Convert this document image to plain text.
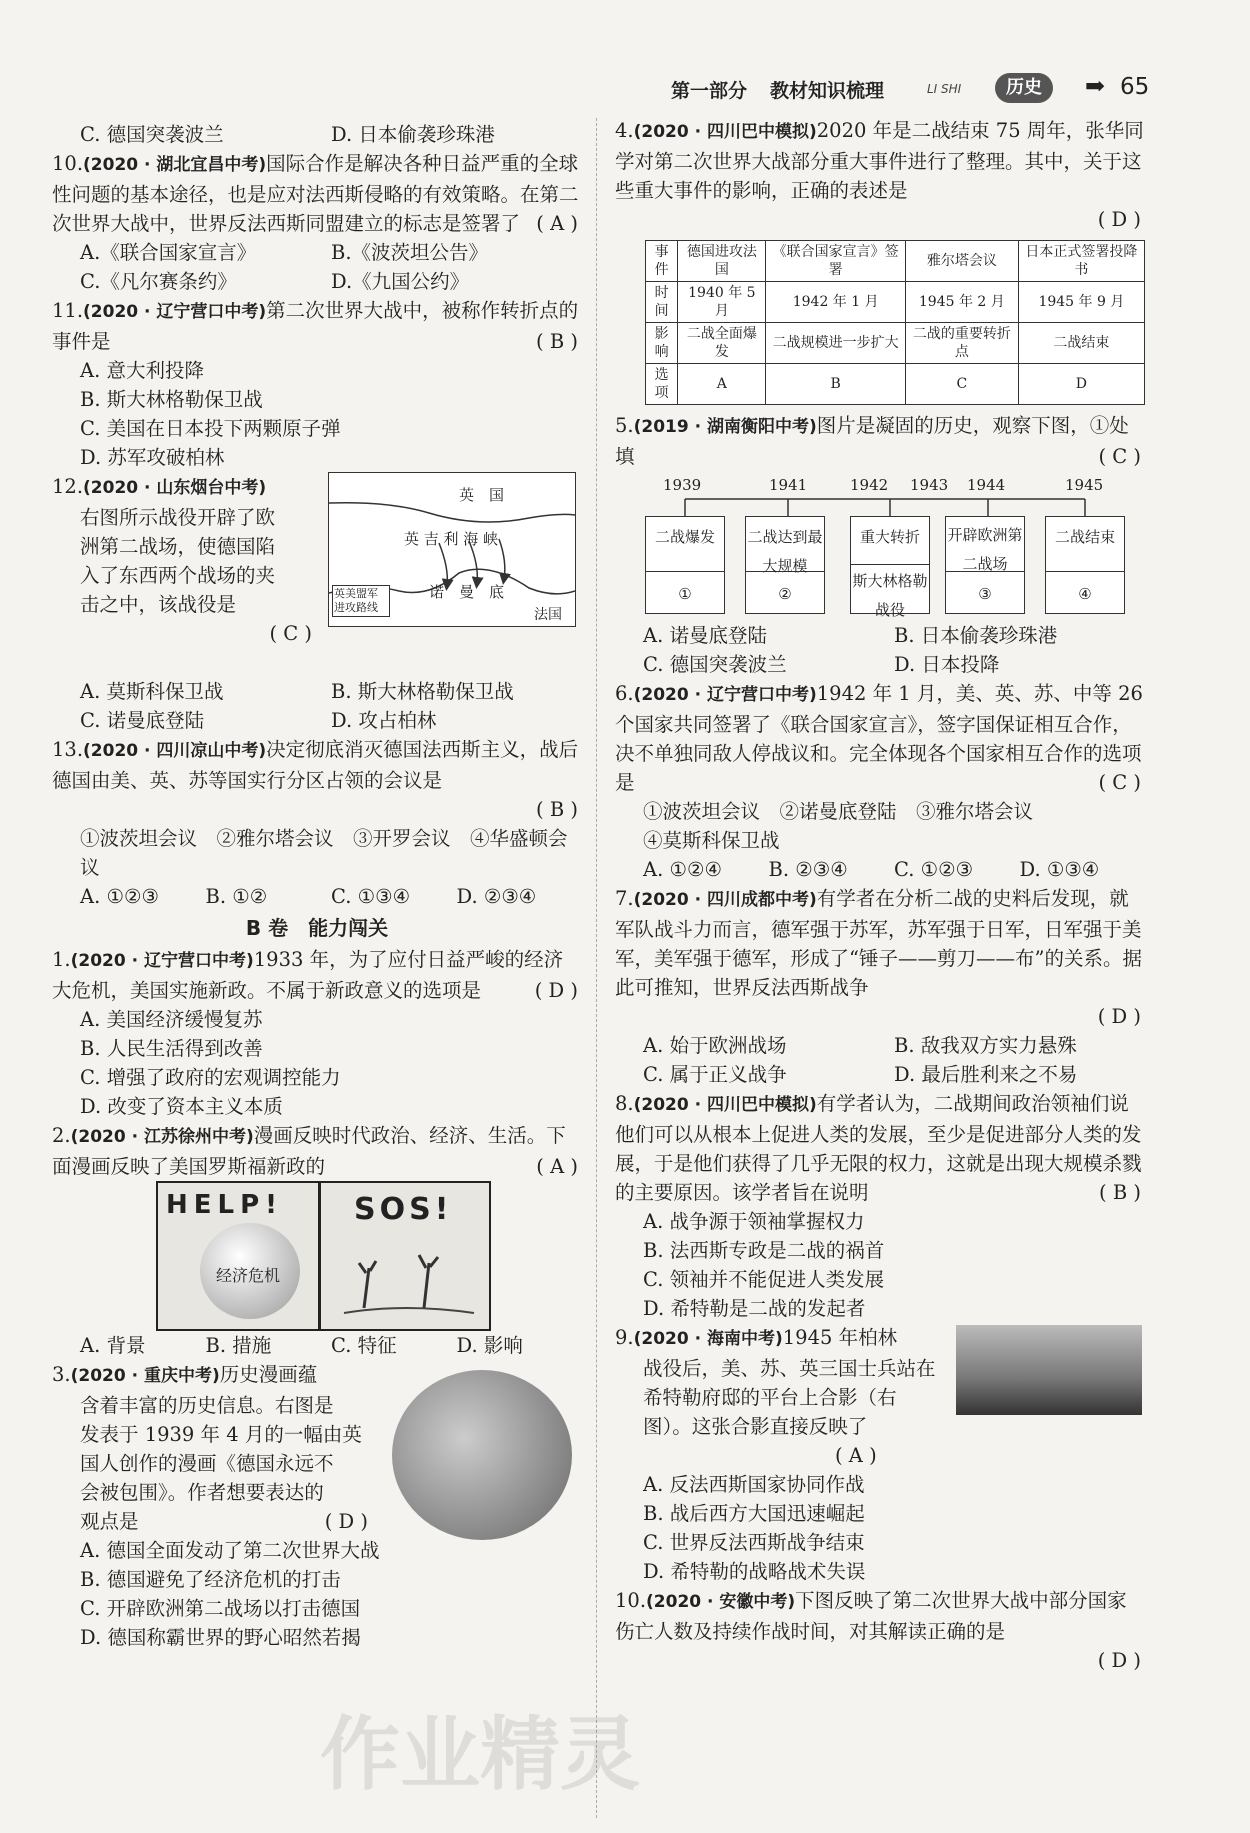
第一部分 教材知识梳理	LI SHI	历史	➡ 65
C. 德国突袭波兰	D. 日本偷袭珍珠港
10.(2020 · 湖北宜昌中考)国际合作是解决各种日益严重的全球性问题的基本途径，也是应对法西斯侵略的有效策略。在第二次世界大战中，世界反法西斯同盟建立的标志是签署了 ( A )
A.《联合国家宣言》	B.《波茨坦公告》
C.《凡尔赛条约》	D.《九国公约》
11.(2020 · 辽宁营口中考)第二次世界大战中，被称作转折点的事件是	( B )
A. 意大利投降
B. 斯大林格勒保卫战
C. 美国在日本投下两颗原子弹
D. 苏军攻破柏林
12.(2020 · 山东烟台中考)
右图所示战役开辟了欧
洲第二战场，使德国陷
入了东西两个战场的夹
击之中，该战役是
( C )
英　国
英 吉 利 海 峡
诺　曼　底
法国
英美盟军进攻路线
A. 莫斯科保卫战	B. 斯大林格勒保卫战
C. 诺曼底登陆	D. 攻占柏林
13.(2020 · 四川凉山中考)决定彻底消灭德国法西斯主义，战后德国由美、英、苏等国实行分区占领的会议是
( B )
①波茨坦会议　②雅尔塔会议　③开罗会议　④华盛顿会议
A. ①②③	B. ①②	C. ①③④	D. ②③④
B 卷　能力闯关
1.(2020 · 辽宁营口中考)1933 年，为了应付日益严峻的经济大危机，美国实施新政。不属于新政意义的选项是	( D )
A. 美国经济缓慢复苏
B. 人民生活得到改善
C. 增强了政府的宏观调控能力
D. 改变了资本主义本质
2.(2020 · 江苏徐州中考)漫画反映时代政治、经济、生活。下面漫画反映了美国罗斯福新政的	( A )
HELP!
经济危机
SOS!
A. 背景	B. 措施	C. 特征	D. 影响
3.(2020 · 重庆中考)历史漫画蕴
含着丰富的历史信息。右图是
发表于 1939 年 4 月的一幅由英
国人创作的漫画《德国永远不
会被包围》。作者想要表达的
观点是	( D )
A. 德国全面发动了第二次世界大战
B. 德国避免了经济危机的打击
C. 开辟欧洲第二战场以打击德国
D. 德国称霸世界的野心昭然若揭
4.(2020 · 四川巴中模拟)2020 年是二战结束 75 周年，张华同学对第二次世界大战部分重大事件进行了整理。其中，关于这些重大事件的影响，正确的表述是
( D )
事件	德国进攻法国	《联合国家宣言》签署	雅尔塔会议	日本正式签署投降书
时间	1940 年 5 月	1942 年 1 月	1945 年 2 月	1945 年 9 月
影响	二战全面爆发	二战规模进一步扩大	二战的重要转折点	二战结束
选项	A	B	C	D
5.(2019 · 湖南衡阳中考)图片是凝固的历史，观察下图，①处填	( C )
1939	1941	1942 1943 1944	1945
二战爆发
①
二战达到最大规模
②
重大转折
斯大林格勒战役
开辟欧洲第二战场
③
二战结束
④
A. 诺曼底登陆	B. 日本偷袭珍珠港
C. 德国突袭波兰	D. 日本投降
6.(2020 · 辽宁营口中考)1942 年 1 月，美、英、苏、中等 26 个国家共同签署了《联合国家宣言》，签字国保证相互合作，决不单独同敌人停战议和。完全体现各个国家相互合作的选项是	( C )
①波茨坦会议　②诺曼底登陆　③雅尔塔会议
④莫斯科保卫战
A. ①②④	B. ②③④	C. ①②③	D. ①③④
7.(2020 · 四川成都中考)有学者在分析二战的史料后发现，就军队战斗力而言，德军强于苏军，苏军强于日军，日军强于美军，美军强于德军，形成了“锤子——剪刀——布”的关系。据此可推知，世界反法西斯战争
( D )
A. 始于欧洲战场	B. 敌我双方实力悬殊
C. 属于正义战争	D. 最后胜利来之不易
8.(2020 · 四川巴中模拟)有学者认为，二战期间政治领袖们说他们可以从根本上促进人类的发展，至少是促进部分人类的发展，于是他们获得了几乎无限的权力，这就是出现大规模杀戮的主要原因。该学者旨在说明	( B )
A. 战争源于领袖掌握权力
B. 法西斯专政是二战的祸首
C. 领袖并不能促进人类发展
D. 希特勒是二战的发起者
9.(2020 · 海南中考)1945 年柏林
战役后，美、苏、英三国士兵站在
希特勒府邸的平台上合影（右
图）。这张合影直接反映了
( A )
A. 反法西斯国家协同作战
B. 战后西方大国迅速崛起
C. 世界反法西斯战争结束
D. 希特勒的战略战术失误
10.(2020 · 安徽中考)下图反映了第二次世界大战中部分国家伤亡人数及持续作战时间，对其解读正确的是
( D )
作业精灵
